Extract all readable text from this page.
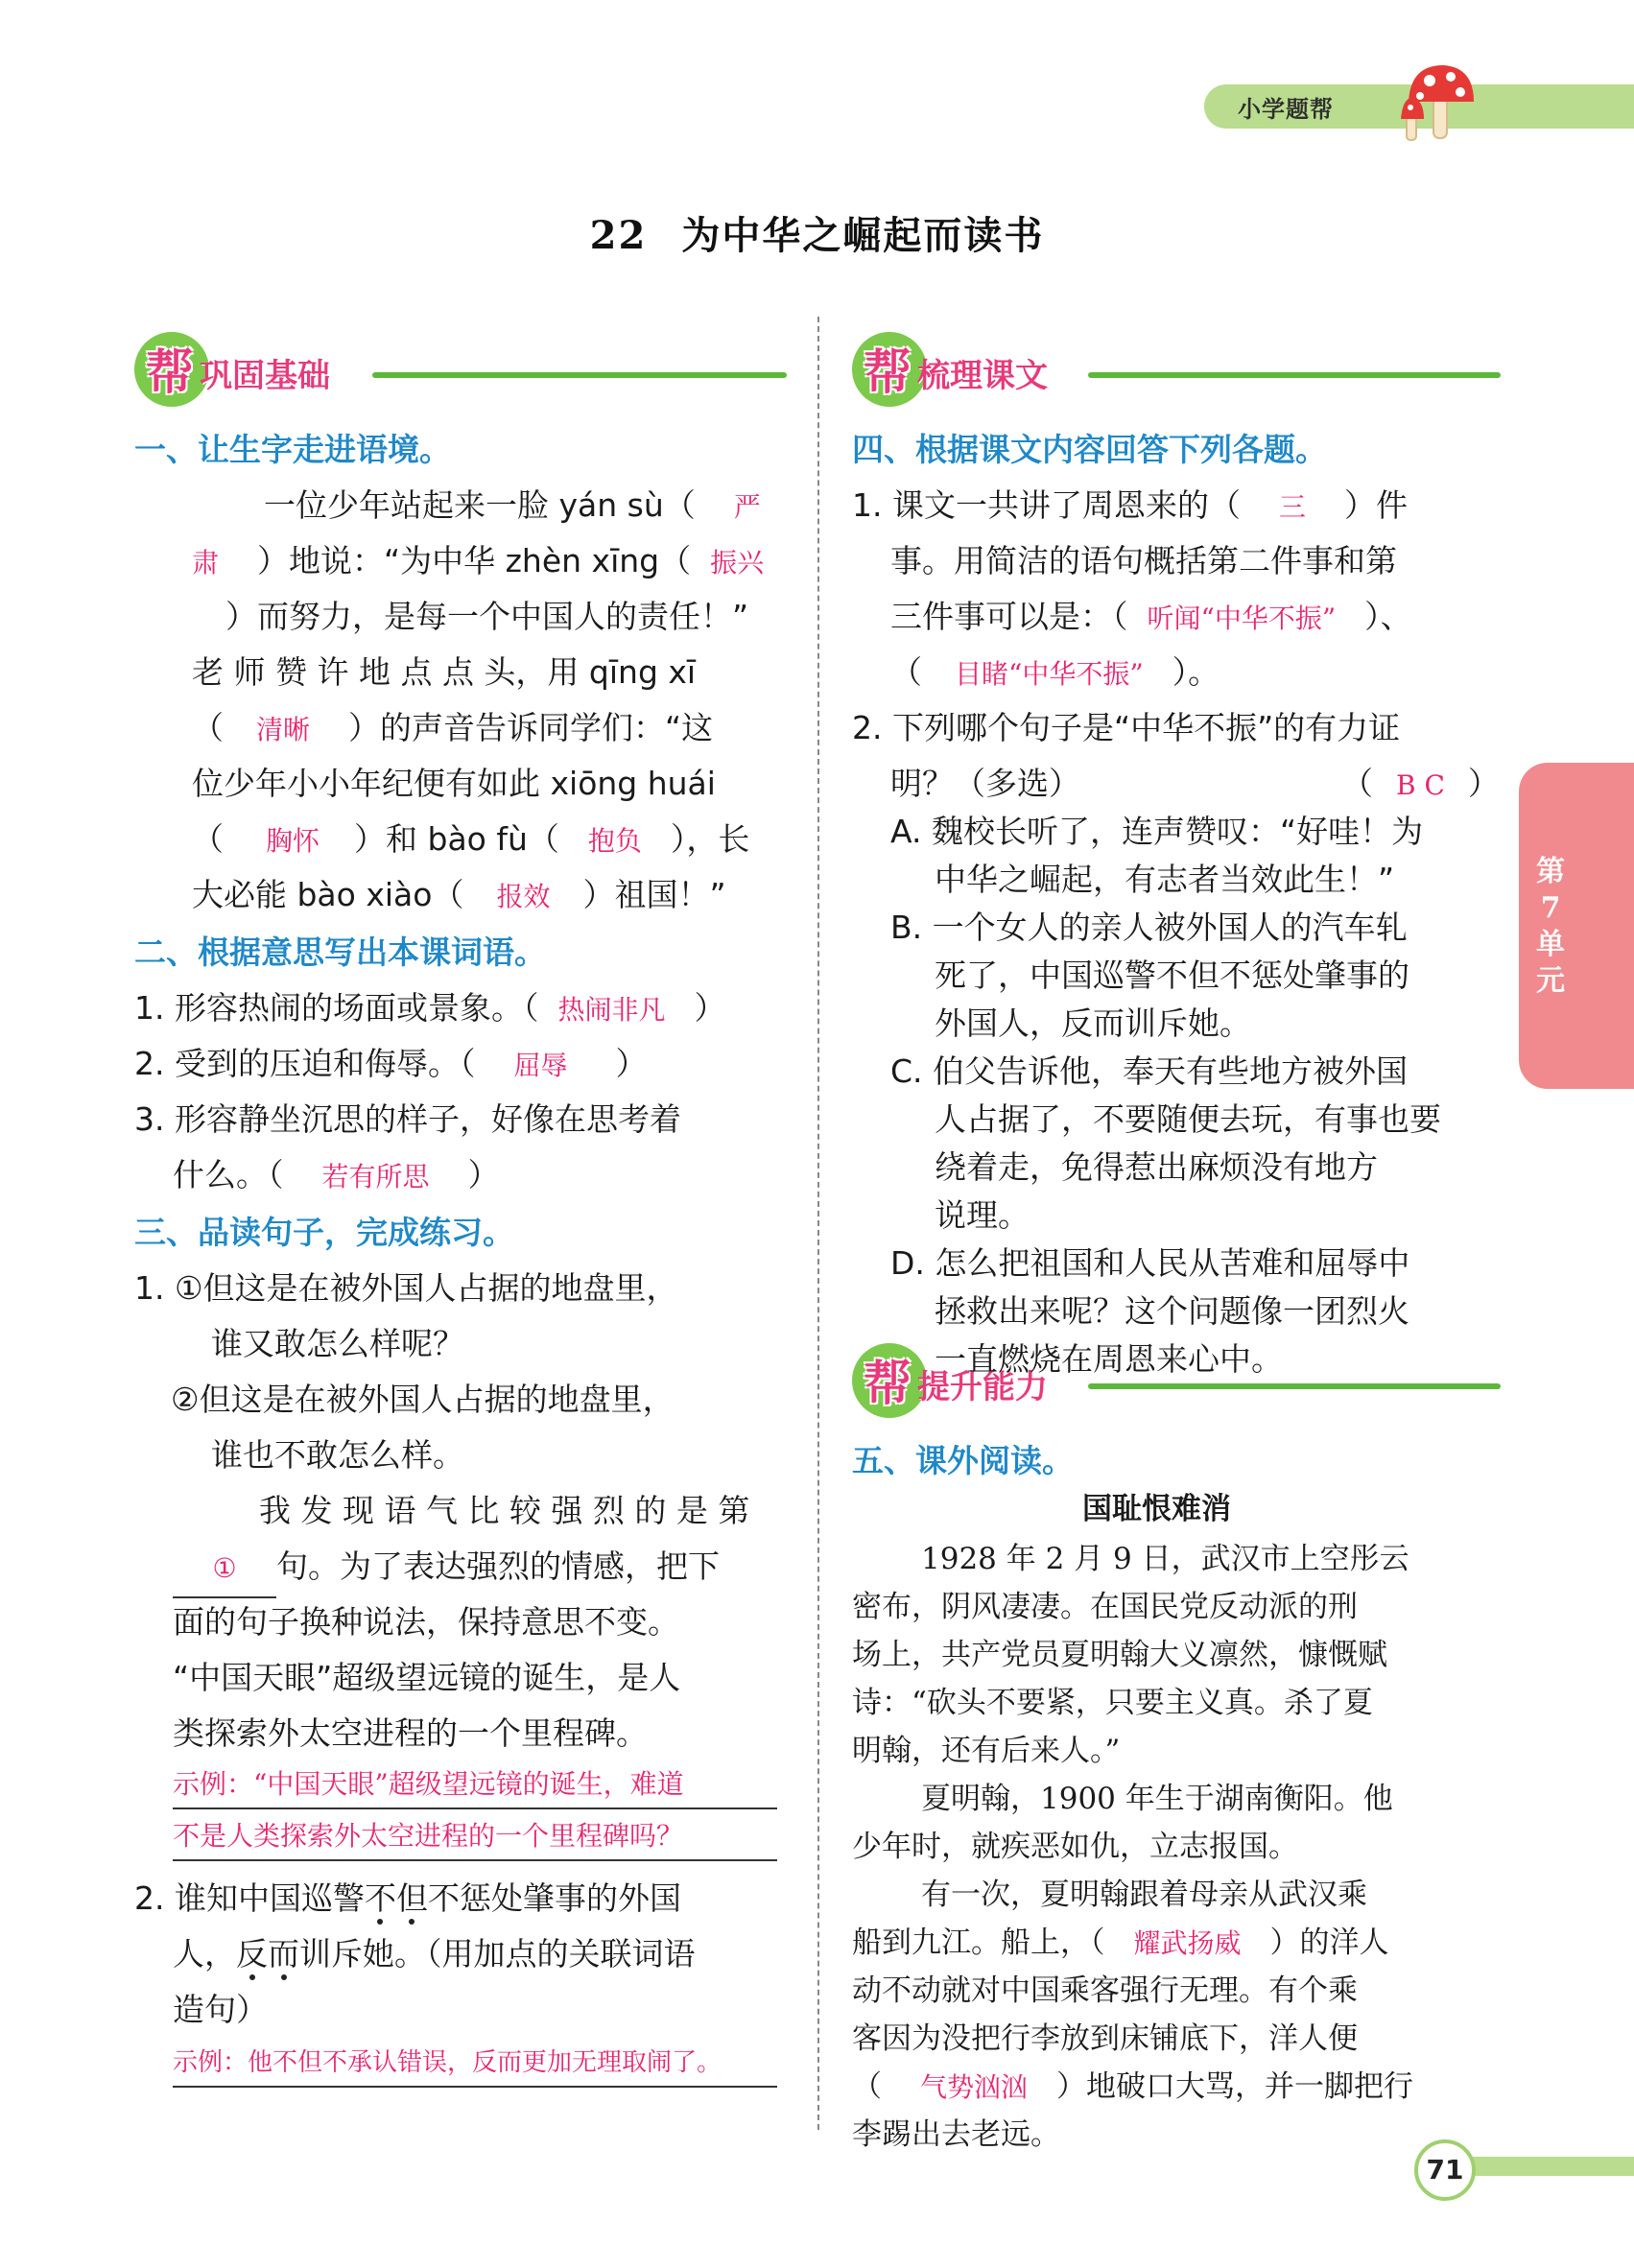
小学题帮
22 为中华之崛起而读书
帮 巩固基础	帮 梳理课文
帮 提升能力
第
7
单
元
71
一、让生字走进语境。
一位少年站起来一脸 yán sù（ 严
肃 ）地说：“为中华 zhèn xīng（ 振兴
）而努力，是每一个中国人的责任！”
老 师 赞 许 地 点 点 头，用 qīng xī
（ 清晰 ）的声音告诉同学们：“这
位少年小小年纪便有如此 xiōng huái
（ 胸怀 ）和 bào fù（ 抱负 ），长
大必能 bào xiào（ 报效 ）祖国！”
二、根据意思写出本课词语。
1. 形容热闹的场面或景象。（ 热闹非凡 ）
2. 受到的压迫和侮辱。（ 屈辱 ）
3. 形容静坐沉思的样子，好像在思考着
什么。（ 若有所思 ）
三、品读句子，完成练习。
1. ①但这是在被外国人占据的地盘里，
谁又敢怎么样呢？
②但这是在被外国人占据的地盘里，
谁也不敢怎么样。
我 发 现 语 气 比 较 强 烈 的 是 第
① 句。为了表达强烈的情感，把下
面的句子换种说法，保持意思不变。
“中国天眼”超级望远镜的诞生，是人
类探索外太空进程的一个里程碑。
示例：“中国天眼”超级望远镜的诞生，难道
不是人类探索外太空进程的一个里程碑吗？
2. 谁知中国巡警不但不惩处肇事的外国
人，反而训斥她。（用加点的关联词语
造句）
示例：他不但不承认错误，反而更加无理取闹了。
四、根据课文内容回答下列各题。
1. 课文一共讲了周恩来的（ 三 ）件
事。用简洁的语句概括第二件事和第
三件事可以是：（ 听闻“中华不振” ）、
（ 目睹“中华不振” ）。
2. 下列哪个句子是“中华不振”的有力证
明？（多选）	（ B C ）
A. 魏校长听了，连声赞叹：“好哇！为
中华之崛起，有志者当效此生！”
B. 一个女人的亲人被外国人的汽车轧
死了，中国巡警不但不惩处肇事的
外国人，反而训斥她。
C. 伯父告诉他，奉天有些地方被外国
人占据了，不要随便去玩，有事也要
绕着走，免得惹出麻烦没有地方
说理。
D. 怎么把祖国和人民从苦难和屈辱中
拯救出来呢？这个问题像一团烈火
一直燃烧在周恩来心中。
五、课外阅读。
国耻恨难消
1928 年 2 月 9 日，武汉市上空彤云
密布，阴风凄凄。在国民党反动派的刑
场上，共产党员夏明翰大义凛然，慷慨赋
诗：“砍头不要紧，只要主义真。杀了夏
明翰，还有后来人。”
夏明翰，1900 年生于湖南衡阳。他
少年时，就疾恶如仇，立志报国。
有一次，夏明翰跟着母亲从武汉乘
船到九江。船上，（ 耀武扬威 ）的洋人
动不动就对中国乘客强行无理。有个乘
客因为没把行李放到床铺底下，洋人便
（ 气势汹汹 ）地破口大骂，并一脚把行
李踢出去老远。
